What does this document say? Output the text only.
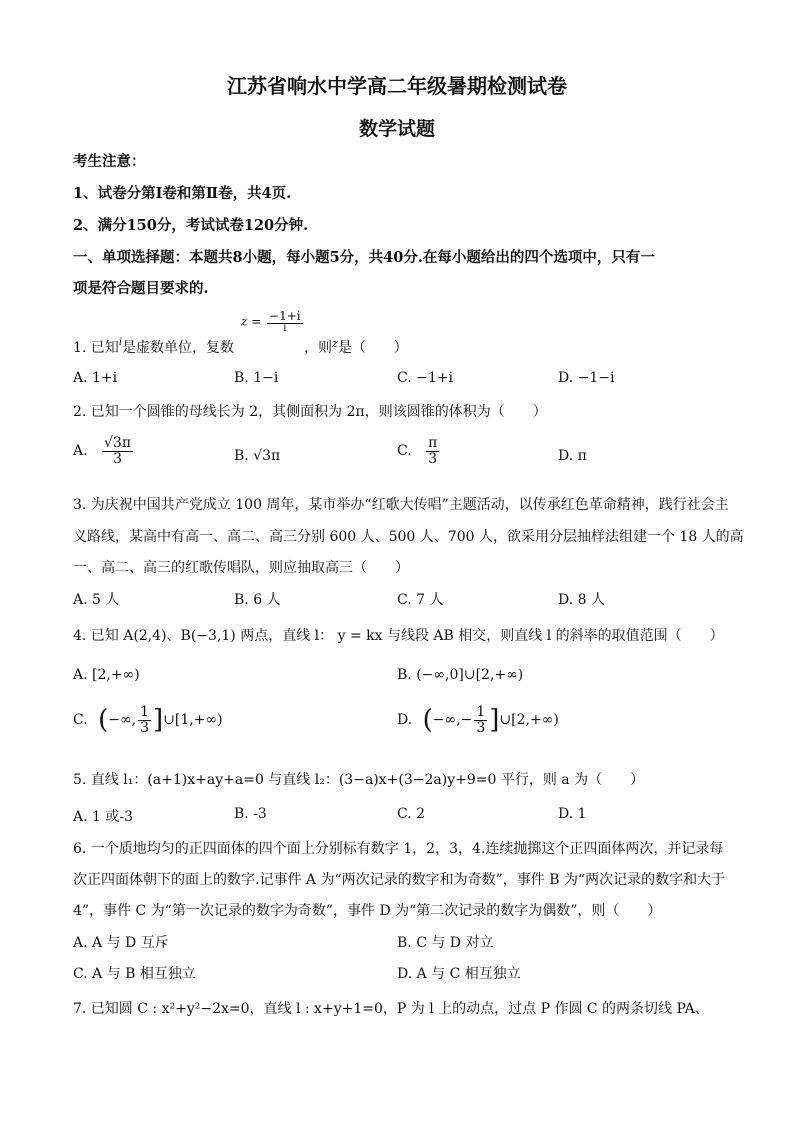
江苏省响水中学高二年级暑期检测试卷
数学试题
考生注意：
1、试卷分第Ⅰ卷和第Ⅱ卷，共4页.
2、满分150分，考试试卷120分钟.
一、单项选择题：本题共8小题，每小题5分，共40分.在每小题给出的四个选项中，只有一
项是符合题目要求的.
$z = \frac{-1+i}{i}$
1. 已知$^i$是虚数单位，复数	，则$^z$是（　　）
A. 1+i	B. 1−i	C. −1+i	D. −1−i
2. 已知一个圆锥的母线长为 2，其侧面积为 2π，则该圆锥的体积为（　　）
A. $\frac{√3\pi}{3}$	B. √3π	C. $\frac{\pi}{3}$	D. π
3. 为庆祝中国共产党成立 100 周年，某市举办“红歌大传唱”主题活动，以传承红色革命精神，践行社会主
义路线，某高中有高一、高二、高三分别 600 人、500 人、700 人，欲采用分层抽样法组建一个 18 人的高
一、高二、高三的红歌传唱队，则应抽取高三（　　）
A. 5 人	B. 6 人	C. 7 人	D. 8 人
4. 已知 A(2,4)、B(−3,1) 两点，直线 l： y = kx 与线段 AB 相交，则直线 l 的斜率的取值范围（　　）
A. [2,+∞)	B. (−∞,0]∪[2,+∞)
C. (−∞, $\frac{1}{3}$ ]∪[1,+∞)	D. (−∞,− $\frac{1}{3}$ ]∪[2,+∞)
5. 直线 l₁：(a+1)x+ay+a=0 与直线 l₂：(3−a)x+(3−2a)y+9=0 平行，则 a 为（　　）
A. 1 或-3	B. -3	C. 2	D. 1
6. 一个质地均匀的正四面体的四个面上分别标有数字 1，2，3，4.连续抛掷这个正四面体两次，并记录每
次正四面体朝下的面上的数字.记事件 A 为“两次记录的数字和为奇数”，事件 B 为“两次记录的数字和大于
4”，事件 C 为“第一次记录的数字为奇数”，事件 D 为“第二次记录的数字为偶数”，则（　　）
A. A 与 D 互斥	B. C 与 D 对立
C. A 与 B 相互独立	D. A 与 C 相互独立
7. 已知圆 C : x²+y²−2x=0，直线 l : x+y+1=0，P 为 l 上的动点，过点 P 作圆 C 的两条切线 PA、
